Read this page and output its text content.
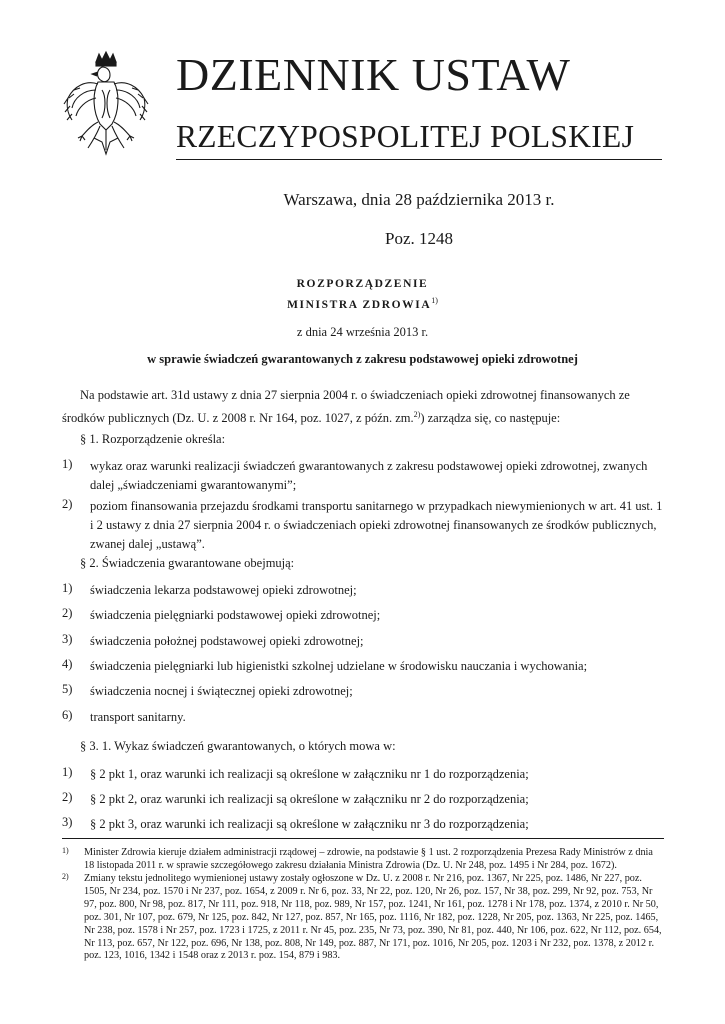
DZIENNIK USTAW
RZECZYPOSPOLITEJ POLSKIEJ
Warszawa, dnia 28 października 2013 r.
Poz. 1248
ROZPORZĄDZENIE
MINISTRA ZDROWIA$^{1)}$
z dnia 24 września 2013 r.
w sprawie świadczeń gwarantowanych z zakresu podstawowej opieki zdrowotnej
Na podstawie art. 31d ustawy z dnia 27 sierpnia 2004 r. o świadczeniach opieki zdrowotnej finansowanych ze środków publicznych (Dz. U. z 2008 r. Nr 164, poz. 1027, z późn. zm.$^{2)}$) zarządza się, co następuje:
§ 1. Rozporządzenie określa:
1) wykaz oraz warunki realizacji świadczeń gwarantowanych z zakresu podstawowej opieki zdrowotnej, zwanych dalej „świadczeniami gwarantowanymi”;
2) poziom finansowania przejazdu środkami transportu sanitarnego w przypadkach niewymienionych w art. 41 ust. 1 i 2 ustawy z dnia 27 sierpnia 2004 r. o świadczeniach opieki zdrowotnej finansowanych ze środków publicznych, zwanej dalej „ustawą”.
§ 2. Świadczenia gwarantowane obejmują:
1) świadczenia lekarza podstawowej opieki zdrowotnej;
2) świadczenia pielęgniarki podstawowej opieki zdrowotnej;
3) świadczenia położnej podstawowej opieki zdrowotnej;
4) świadczenia pielęgniarki lub higienistki szkolnej udzielane w środowisku nauczania i wychowania;
5) świadczenia nocnej i świątecznej opieki zdrowotnej;
6) transport sanitarny.
§ 3. 1. Wykaz świadczeń gwarantowanych, o których mowa w:
1) § 2 pkt 1, oraz warunki ich realizacji są określone w załączniku nr 1 do rozporządzenia;
2) § 2 pkt 2, oraz warunki ich realizacji są określone w załączniku nr 2 do rozporządzenia;
3) § 2 pkt 3, oraz warunki ich realizacji są określone w załączniku nr 3 do rozporządzenia;
1) Minister Zdrowia kieruje działem administracji rządowej – zdrowie, na podstawie § 1 ust. 2 rozporządzenia Prezesa Rady Ministrów z dnia 18 listopada 2011 r. w sprawie szczegółowego zakresu działania Ministra Zdrowia (Dz. U. Nr 248, poz. 1495 i Nr 284, poz. 1672).
2) Zmiany tekstu jednolitego wymienionej ustawy zostały ogłoszone w Dz. U. z 2008 r. Nr 216, poz. 1367, Nr 225, poz. 1486, Nr 227, poz. 1505, Nr 234, poz. 1570 i Nr 237, poz. 1654, z 2009 r. Nr 6, poz. 33, Nr 22, poz. 120, Nr 26, poz. 157, Nr 38, poz. 299, Nr 92, poz. 753, Nr 97, poz. 800, Nr 98, poz. 817, Nr 111, poz. 918, Nr 118, poz. 989, Nr 157, poz. 1241, Nr 161, poz. 1278 i Nr 178, poz. 1374, z 2010 r. Nr 50, poz. 301, Nr 107, poz. 679, Nr 125, poz. 842, Nr 127, poz. 857, Nr 165, poz. 1116, Nr 182, poz. 1228, Nr 205, poz. 1363, Nr 225, poz. 1465, Nr 238, poz. 1578 i Nr 257, poz. 1723 i 1725, z 2011 r. Nr 45, poz. 235, Nr 73, poz. 390, Nr 81, poz. 440, Nr 106, poz. 622, Nr 112, poz. 654, Nr 113, poz. 657, Nr 122, poz. 696, Nr 138, poz. 808, Nr 149, poz. 887, Nr 171, poz. 1016, Nr 205, poz. 1203 i Nr 232, poz. 1378, z 2012 r. poz. 123, 1016, 1342 i 1548 oraz z 2013 r. poz. 154, 879 i 983.
